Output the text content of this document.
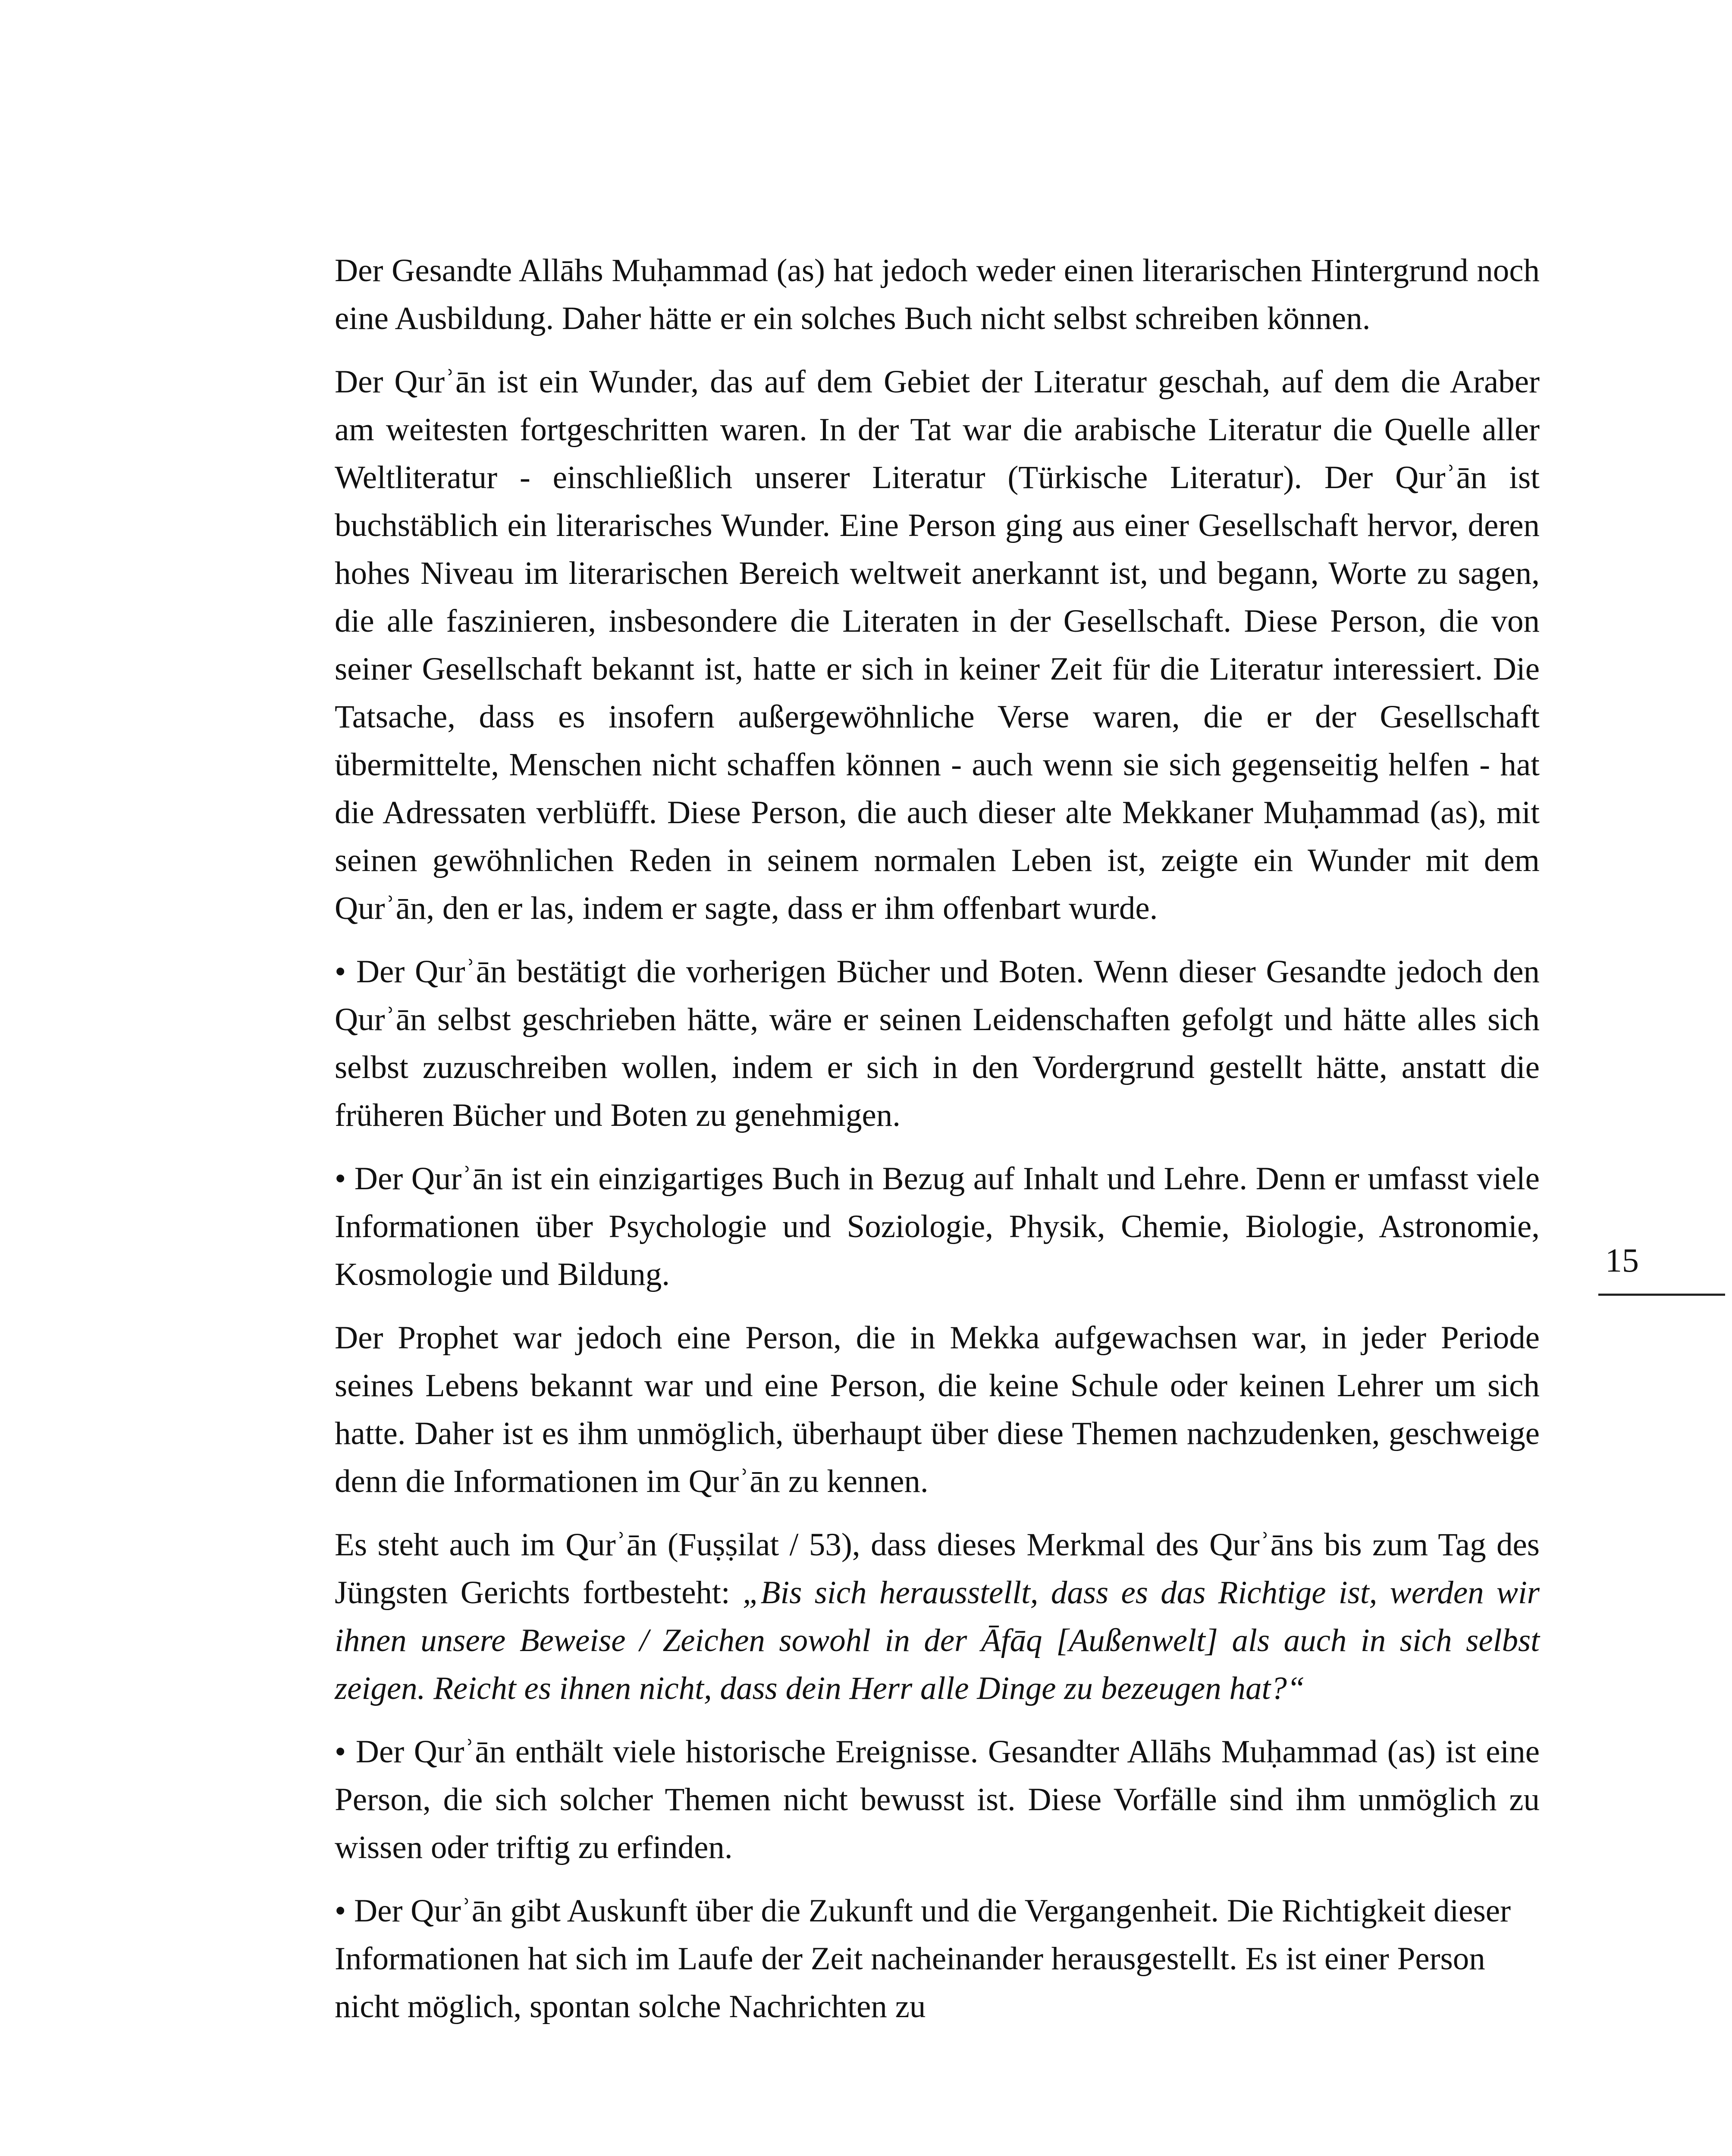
Der Gesandte Allāhs Muḥammad (as) hat jedoch weder einen literarischen Hintergrund noch eine Ausbildung. Daher hätte er ein solches Buch nicht selbst schreiben können.

Der Qurʾān ist ein Wunder, das auf dem Gebiet der Literatur geschah, auf dem die Araber am weitesten fortgeschritten waren. In der Tat war die arabische Literatur die Quelle aller Weltliteratur - einschließlich unserer Literatur (Türkische Literatur). Der Qurʾān ist buchstäblich ein literarisches Wunder. Eine Person ging aus einer Gesellschaft hervor, deren hohes Niveau im literarischen Bereich weltweit anerkannt ist, und begann, Worte zu sagen, die alle faszinieren, insbesondere die Literaten in der Gesellschaft. Diese Person, die von seiner Gesellschaft bekannt ist, hatte er sich in keiner Zeit für die Literatur interessiert. Die Tatsache, dass es insofern außergewöhnliche Verse waren, die er der Gesellschaft übermittelte, Menschen nicht schaffen können - auch wenn sie sich gegenseitig helfen - hat die Adressaten verblüfft. Diese Person, die auch dieser alte Mekkaner Muḥammad (as), mit seinen gewöhnlichen Reden in seinem normalen Leben ist, zeigte ein Wunder mit dem Qurʾān, den er las, indem er sagte, dass er ihm offenbart wurde.

• Der Qurʾān bestätigt die vorherigen Bücher und Boten. Wenn dieser Gesandte jedoch den Qurʾān selbst geschrieben hätte, wäre er seinen Leidenschaften gefolgt und hätte alles sich selbst zuzuschreiben wollen, indem er sich in den Vordergrund gestellt hätte, anstatt die früheren Bücher und Boten zu genehmigen.

• Der Qurʾān ist ein einzigartiges Buch in Bezug auf Inhalt und Lehre. Denn er umfasst viele Informationen über Psychologie und Soziologie, Physik, Chemie, Biologie, Astronomie, Kosmologie und Bildung.

Der Prophet war jedoch eine Person, die in Mekka aufgewachsen war, in jeder Periode seines Lebens bekannt war und eine Person, die keine Schule oder keinen Lehrer um sich hatte. Daher ist es ihm unmöglich, überhaupt über diese Themen nachzudenken, geschweige denn die Informationen im Qurʾān zu kennen.

Es steht auch im Qurʾān (Fuṣṣilat / 53), dass dieses Merkmal des Qurʾāns bis zum Tag des Jüngsten Gerichts fortbesteht: „Bis sich herausstellt, dass es das Richtige ist, werden wir ihnen unsere Beweise / Zeichen sowohl in der Āfāq [Außenwelt] als auch in sich selbst zeigen. Reicht es ihnen nicht, dass dein Herr alle Dinge zu bezeugen hat?“

• Der Qurʾān enthält viele historische Ereignisse. Gesandter Allāhs Muḥammad (as) ist eine Person, die sich solcher Themen nicht bewusst ist. Diese Vorfälle sind ihm unmöglich zu wissen oder triftig zu erfinden.

• Der Qurʾān gibt Auskunft über die Zukunft und die Vergangenheit. Die Richtigkeit dieser Informationen hat sich im Laufe der Zeit nacheinander herausgestellt. Es ist einer Person nicht möglich, spontan solche Nachrichten zu

15
